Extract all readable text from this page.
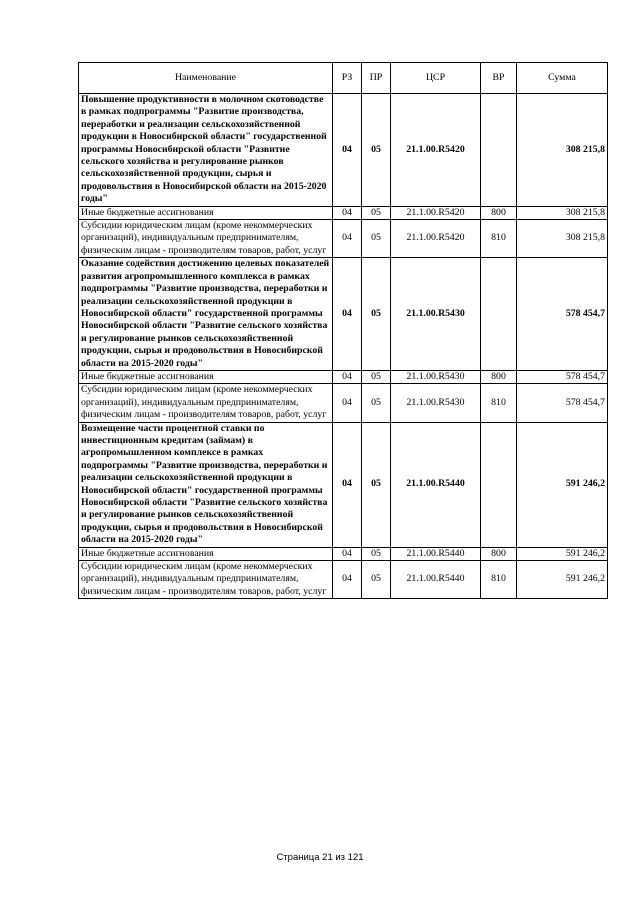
Наименование	РЗ	ПР	ЦСР	ВР	Сумма
Повышение продуктивности в молочном скотоводстве в рамках подпрограммы "Развитие производства, переработки и реализации сельскохозяйственной продукции в Новосибирской области" государственной программы Новосибирской области "Развитие сельского хозяйства и регулирование рынков сельскохозяйственной продукции, сырья и продовольствия в Новосибирской области на 2015-2020 годы"	04	05	21.1.00.R5420		308 215,8
Иные бюджетные ассигнования	04	05	21.1.00.R5420	800	308 215,8
Субсидии юридическим лицам (кроме некоммерческих организаций), индивидуальным предпринимателям, физическим лицам - производителям товаров, работ, услуг	04	05	21.1.00.R5420	810	308 215,8
Оказание содействия достижению целевых показателей развития агропромышленного комплекса в рамках подпрограммы "Развитие производства, переработки и реализации сельскохозяйственной продукции в Новосибирской области" государственной программы Новосибирской области "Развитие сельского хозяйства и регулирование рынков сельскохозяйственной продукции, сырья и продовольствия в Новосибирской области на 2015-2020 годы"	04	05	21.1.00.R5430		578 454,7
Иные бюджетные ассигнования	04	05	21.1.00.R5430	800	578 454,7
Субсидии юридическим лицам (кроме некоммерческих организаций), индивидуальным предпринимателям, физическим лицам - производителям товаров, работ, услуг	04	05	21.1.00.R5430	810	578 454,7
Возмещение части процентной ставки по инвестиционным кредитам (займам) в агропромышленном комплексе в рамках подпрограммы "Развитие производства, переработки и реализации сельскохозяйственной продукции в Новосибирской области" государственной программы Новосибирской области "Развитие сельского хозяйства и регулирование рынков сельскохозяйственной продукции, сырья и продовольствия в Новосибирской области на 2015-2020 годы"	04	05	21.1.00.R5440		591 246,2
Иные бюджетные ассигнования	04	05	21.1.00.R5440	800	591 246,2
Субсидии юридическим лицам (кроме некоммерческих организаций), индивидуальным предпринимателям, физическим лицам - производителям товаров, работ, услуг	04	05	21.1.00.R5440	810	591 246,2
Страница 21 из 121
